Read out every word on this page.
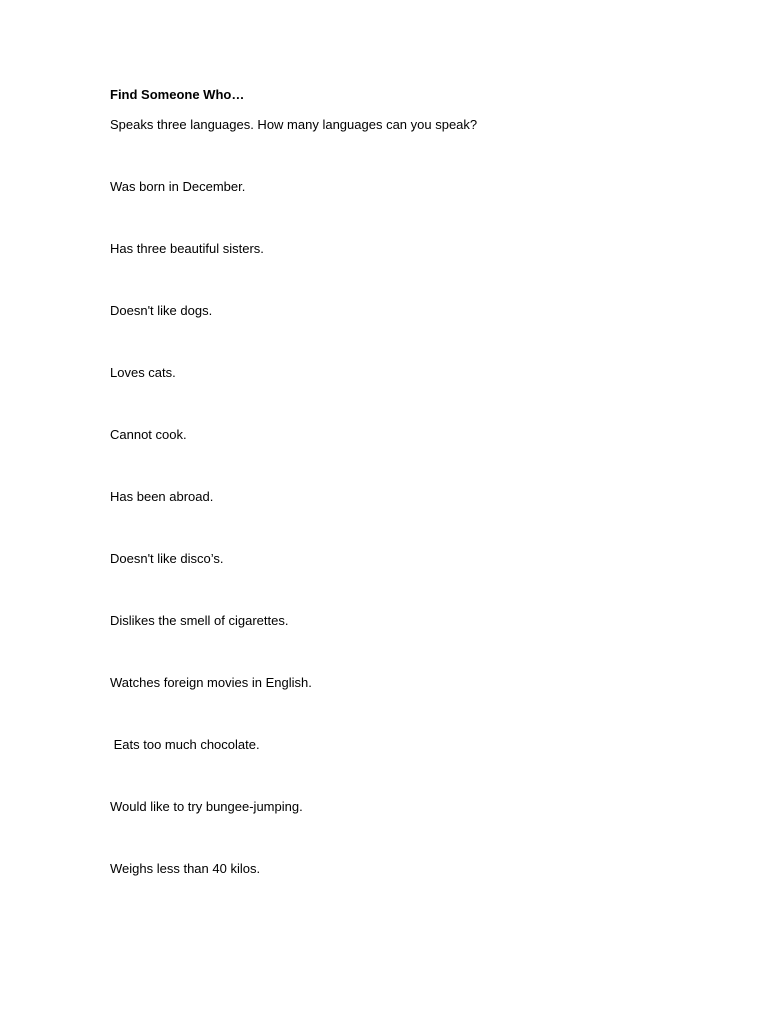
Find Someone Who…
Speaks three languages. How many languages can you speak?
Was born in December.
Has three beautiful sisters.
Doesn't like dogs.
Loves cats.
Cannot cook.
Has been abroad.
Doesn't like disco’s.
Dislikes the smell of cigarettes.
Watches foreign movies in English.
Eats too much chocolate.
Would like to try bungee-jumping.
Weighs less than 40 kilos.
